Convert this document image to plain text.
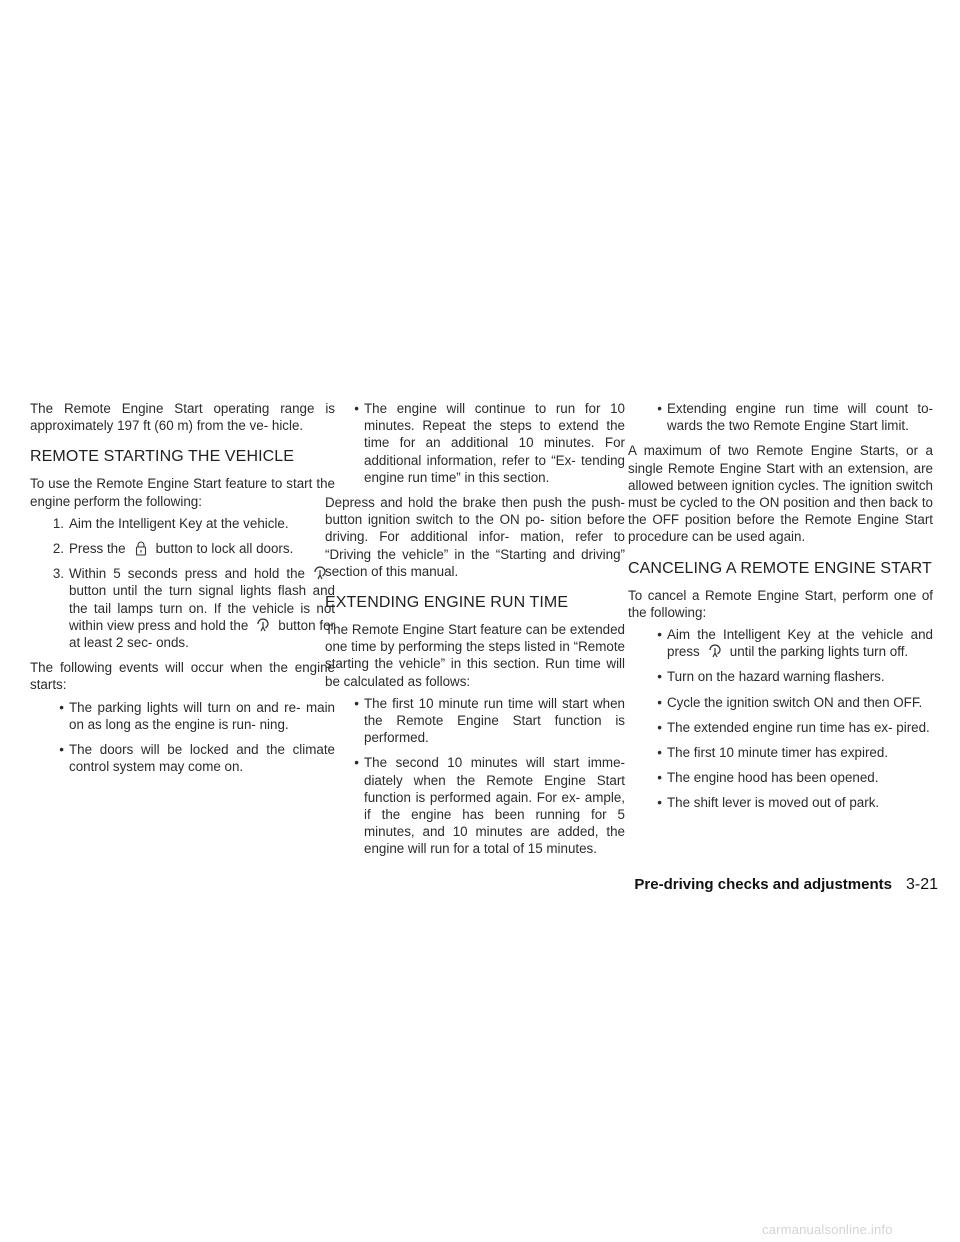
The Remote Engine Start operating range is approximately 197 ft (60 m) from the ve- hicle.

REMOTE STARTING THE VEHICLE

To use the Remote Engine Start feature to start the engine perform the following:

1. Aim the Intelligent Key at the vehicle.
2. Press the button to lock all doors.
3. Within 5 seconds press and hold the
button until the turn signal lights flash and the tail lamps turn on. If the vehicle is not within view press and hold the button for at least 2 sec- onds.

The following events will occur when the engine starts:

• The parking lights will turn on and re- main on as long as the engine is run- ning.
• The doors will be locked and the climate control system may come on.
• The engine will continue to run for 10 minutes. Repeat the steps to extend the time for an additional 10 minutes. For additional information, refer to “Ex- tending engine run time” in this section.

Depress and hold the brake then push the push-button ignition switch to the ON po- sition before driving. For additional infor- mation, refer to “Driving the vehicle” in the “Starting and driving” section of this manual.

EXTENDING ENGINE RUN TIME

The Remote Engine Start feature can be extended one time by performing the steps listed in “Remote starting the vehicle” in this section. Run time will be calculated as follows:

• The first 10 minute run time will start when the Remote Engine Start function is performed.
• The second 10 minutes will start imme- diately when the Remote Engine Start function is performed again. For ex- ample, if the engine has been running for 5 minutes, and 10 minutes are added, the engine will run for a total of 15 minutes.
• Extending engine run time will count to- wards the two Remote Engine Start limit.

A maximum of two Remote Engine Starts, or a single Remote Engine Start with an extension, are allowed between ignition cycles. The ignition switch must be cycled to the ON position and then back to the OFF position before the Remote Engine Start procedure can be used again.

CANCELING A REMOTE ENGINE START

To cancel a Remote Engine Start, perform one of the following:

• Aim the Intelligent Key at the vehicle and press until the parking lights turn off.
• Turn on the hazard warning flashers.
• Cycle the ignition switch ON and then OFF.
• The extended engine run time has ex- pired.
• The first 10 minute timer has expired.
• The engine hood has been opened.
• The shift lever is moved out of park.
Pre-driving checks and adjustments 3-21
carmanualsonline.info
